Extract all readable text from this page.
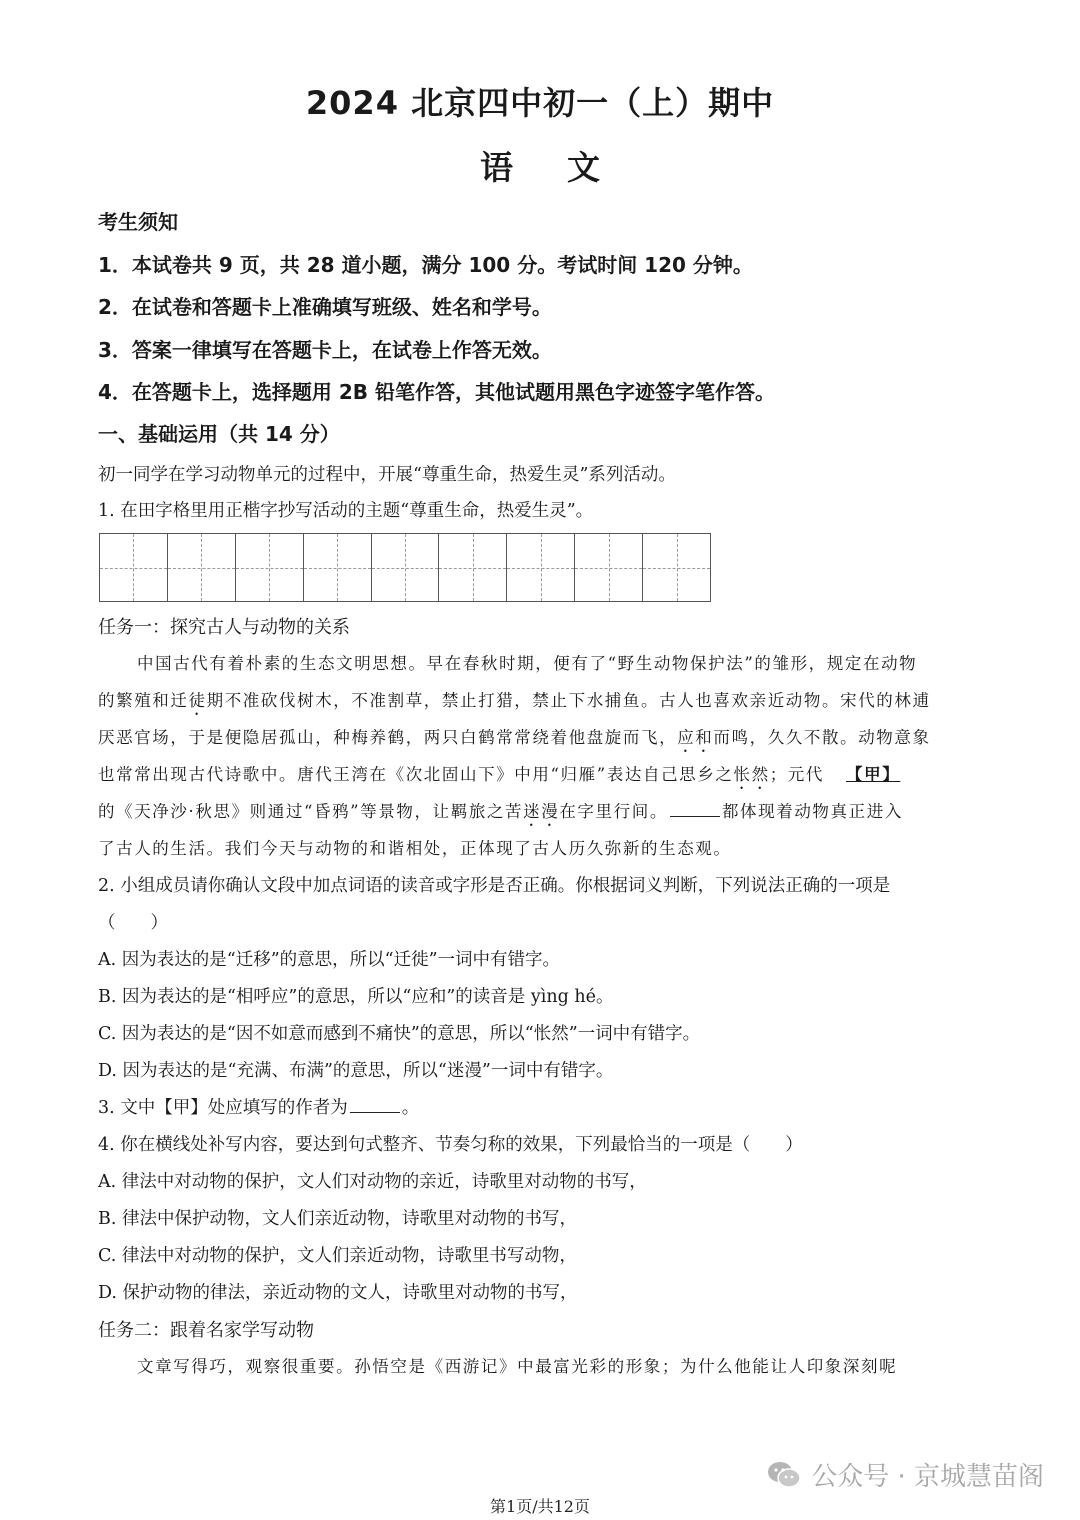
2024 北京四中初一（上）期中
语文
考生须知
1．本试卷共 9 页，共 28 道小题，满分 100 分。考试时间 120 分钟。
2．在试卷和答题卡上准确填写班级、姓名和学号。
3．答案一律填写在答题卡上，在试卷上作答无效。
4．在答题卡上，选择题用 2B 铅笔作答，其他试题用黑色字迹签字笔作答。
一、基础运用（共 14 分）
初一同学在学习动物单元的过程中，开展“尊重生命，热爱生灵”系列活动。
1. 在田字格里用正楷字抄写活动的主题“尊重生命，热爱生灵”。
任务一：探究古人与动物的关系
中国古代有着朴素的生态文明思想。早在春秋时期，便有了“野生动物保护法”的雏形，规定在动物
的繁殖和迁徒期不准砍伐树木，不准割草，禁止打猎，禁止下水捕鱼。古人也喜欢亲近动物。宋代的林逋
厌恶官场，于是便隐居孤山，种梅养鹤，两只白鹤常常绕着他盘旋而飞，应和而鸣，久久不散。动物意象
也常常出现古代诗歌中。唐代王湾在《次北固山下》中用“归雁”表达自己思乡之怅然；元代 【甲】
的《天净沙·秋思》则通过“昏鸦”等景物，让羁旅之苦迷漫在字里行间。	都体现着动物真正进入
了古人的生活。我们今天与动物的和谐相处，正体现了古人历久弥新的生态观。
2. 小组成员请你确认文段中加点词语的读音或字形是否正确。你根据词义判断，下列说法正确的一项是
（　　）
A. 因为表达的是“迁移”的意思，所以“迁徙”一词中有错字。
B. 因为表达的是“相呼应”的意思，所以“应和”的读音是 yìng hé。
C. 因为表达的是“因不如意而感到不痛快”的意思，所以“怅然”一词中有错字。
D. 因为表达的是“充满、布满”的意思，所以“迷漫”一词中有错字。
3. 文中【甲】处应填写的作者为	。
4. 你在横线处补写内容，要达到句式整齐、节奏匀称的效果，下列最恰当的一项是（　　）
A. 律法中对动物的保护，文人们对动物的亲近，诗歌里对动物的书写，
B. 律法中保护动物，文人们亲近动物，诗歌里对动物的书写，
C. 律法中对动物的保护，文人们亲近动物，诗歌里书写动物，
D. 保护动物的律法，亲近动物的文人，诗歌里对动物的书写，
任务二：跟着名家学写动物
文章写得巧，观察很重要。孙悟空是《西游记》中最富光彩的形象；为什么他能让人印象深刻呢
公众号 · 京城慧苗阁
第1页/共12页
